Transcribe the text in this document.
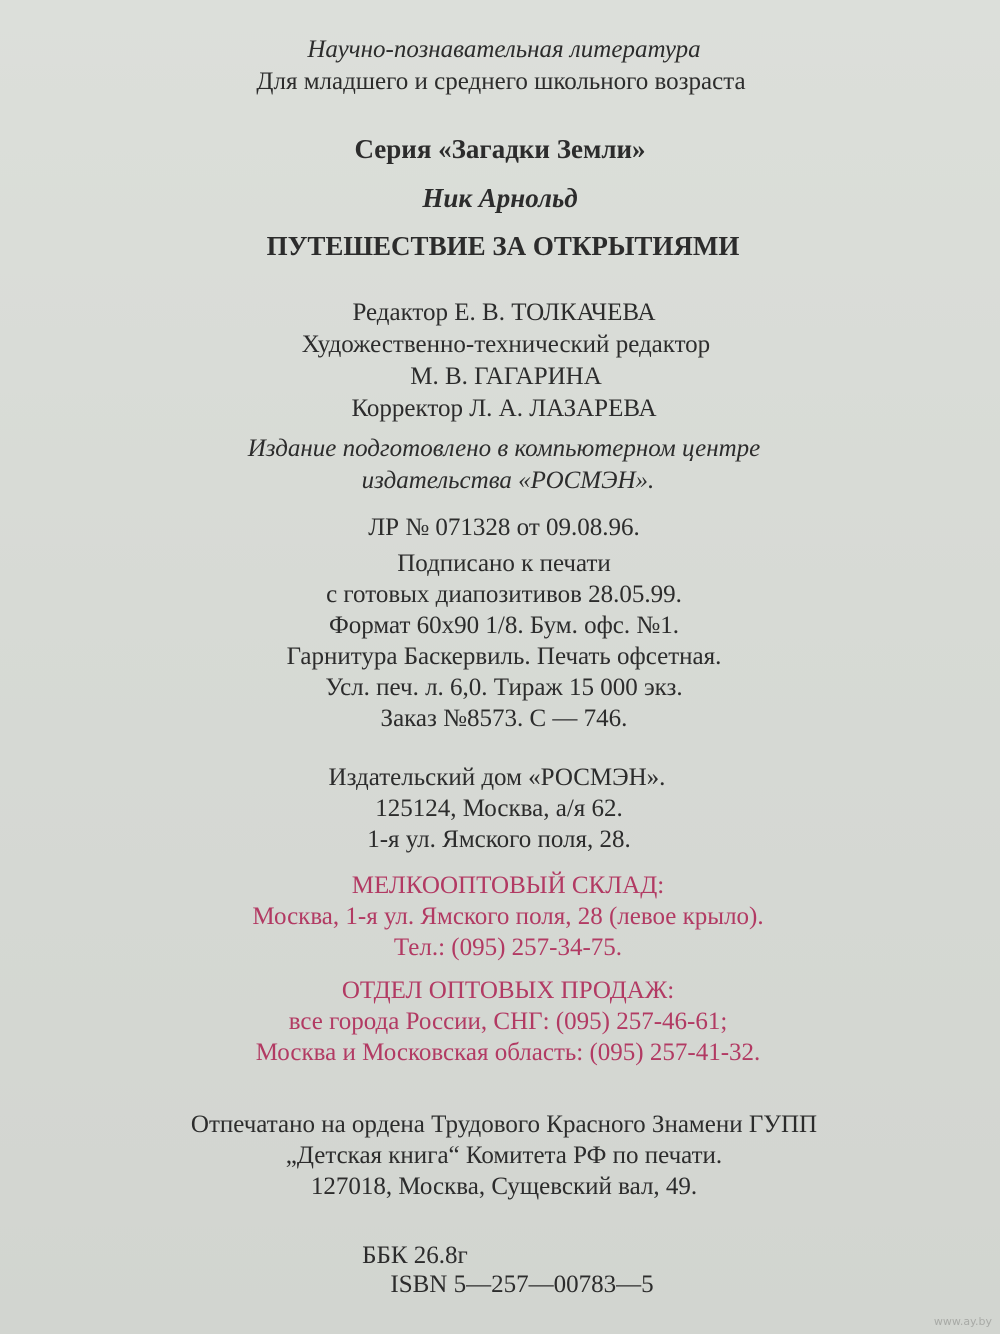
Научно-познавательная литература
Для младшего и среднего школьного возраста
Серия «Загадки Земли»
Ник Арнольд
ПУТЕШЕСТВИЕ ЗА ОТКРЫТИЯМИ
Редактор Е. В. ТОЛКАЧЕВА
Художественно-технический редактор
М. В. ГАГАРИНА
Корректор Л. А. ЛАЗАРЕВА
Издание подготовлено в компьютерном центре
издательства «РОСМЭН».
ЛР № 071328 от 09.08.96.
Подписано к печати
с готовых диапозитивов 28.05.99.
Формат 60x90 1/8. Бум. офс. №1.
Гарнитура Баскервиль. Печать офсетная.
Усл. печ. л. 6,0. Тираж 15 000 экз.
Заказ №8573. С — 746.
Издательский дом «РОСМЭН».
125124, Москва, а/я 62.
1-я ул. Ямского поля, 28.
МЕЛКООПТОВЫЙ СКЛАД:
Москва, 1-я ул. Ямского поля, 28 (левое крыло).
Тел.: (095) 257-34-75.
ОТДЕЛ ОПТОВЫХ ПРОДАЖ:
все города России, СНГ: (095) 257-46-61;
Москва и Московская область: (095) 257-41-32.
Отпечатано на ордена Трудового Красного Знамени ГУПП
„Детская книга“ Комитета РФ по печати.
127018, Москва, Сущевский вал, 49.
ББК 26.8г
ISBN 5—257—00783—5
www.ay.by
